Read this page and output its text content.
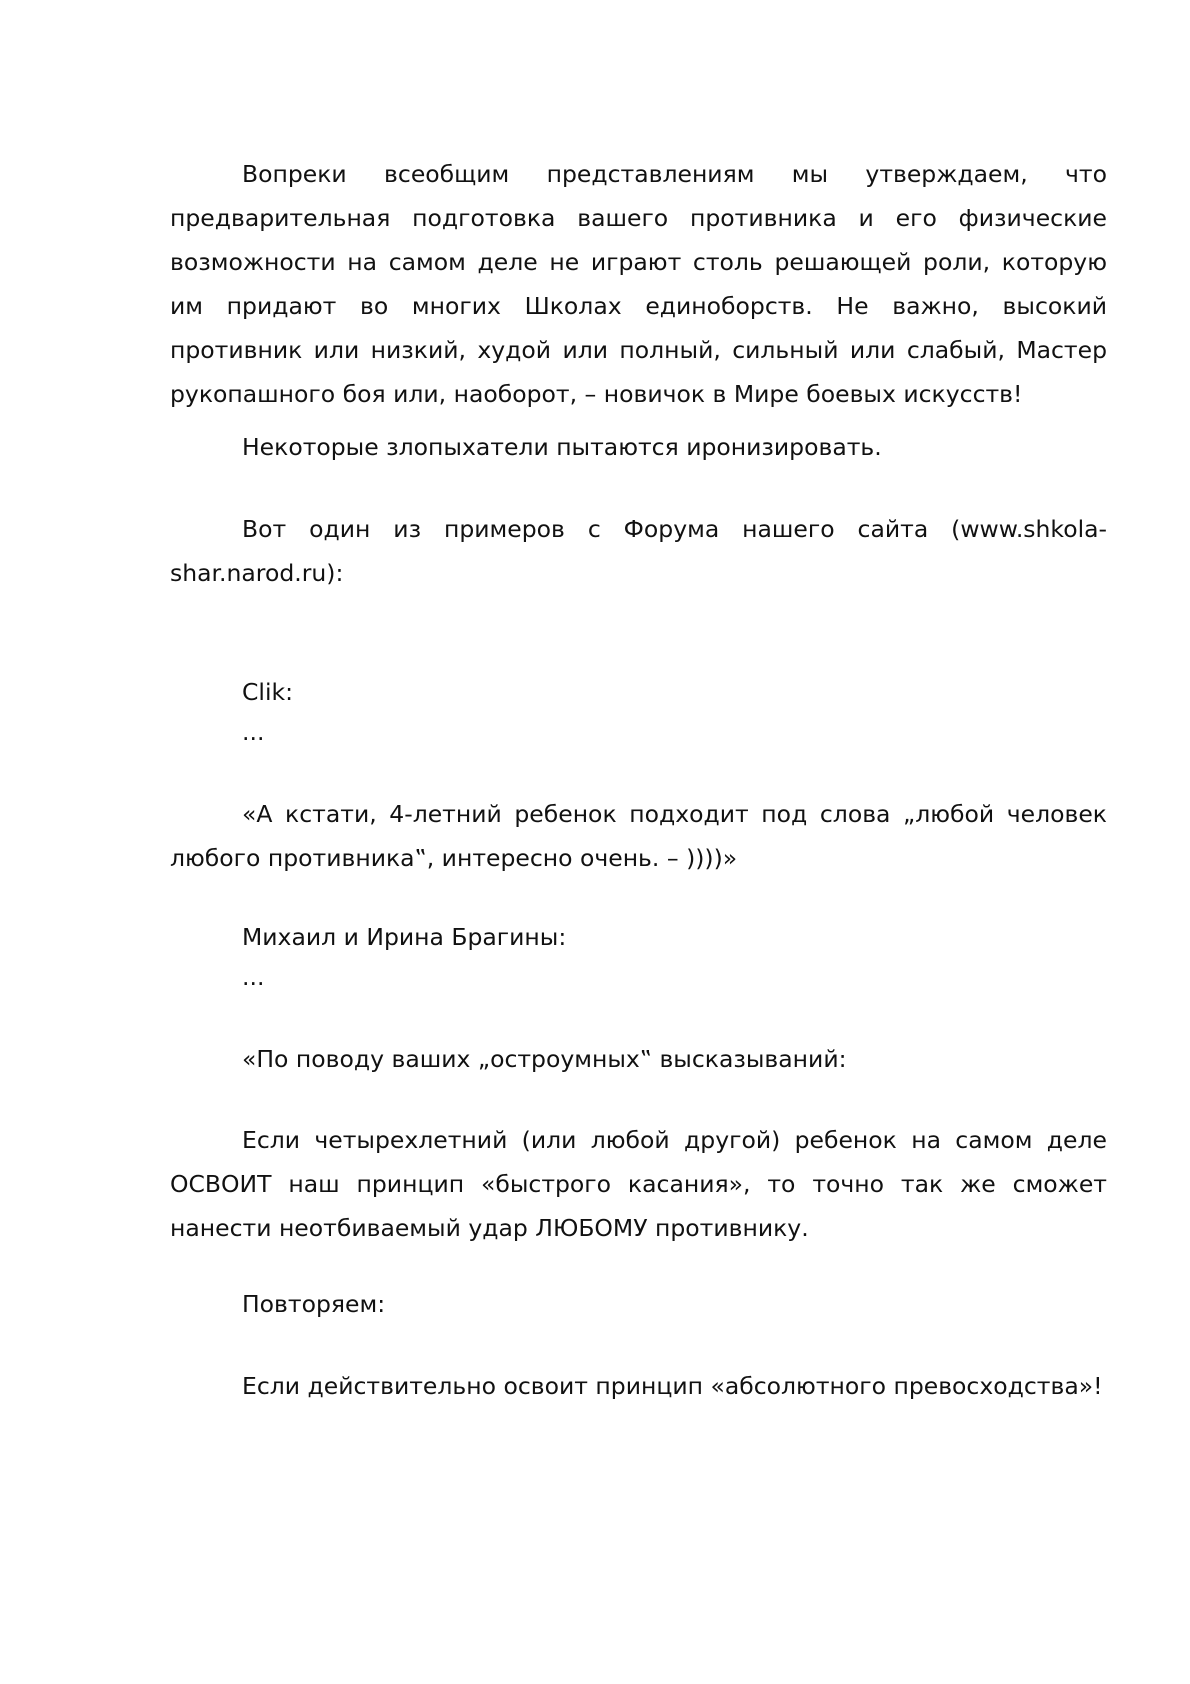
Вопреки всеобщим представлениям мы утверждаем, что предварительная подготовка вашего противника и его физические возможности на самом деле не играют столь решающей роли, которую им придают во многих Школах единоборств. Не важно, высокий противник или низкий, худой или полный, сильный или слабый, Мастер рукопашного боя или, наоборот, – новичок в Мире боевых искусств!

Некоторые злопыхатели пытаются иронизировать.

Вот один из примеров с Форума нашего сайта (www.shkola-shar.narod.ru):

Clik:

...

«А кстати, 4-летний ребенок подходит под слова „любой человек любого противника‟, интересно очень. – ))))»

Михаил и Ирина Брагины:

...

«По поводу ваших „остроумных‟ высказываний:

Если четырехлетний (или любой другой) ребенок на самом деле ОСВОИТ наш принцип «быстрого касания», то точно так же сможет нанести неотбиваемый удар ЛЮБОМУ противнику.

Повторяем:

Если действительно освоит принцип «абсолютного превосходства»!
